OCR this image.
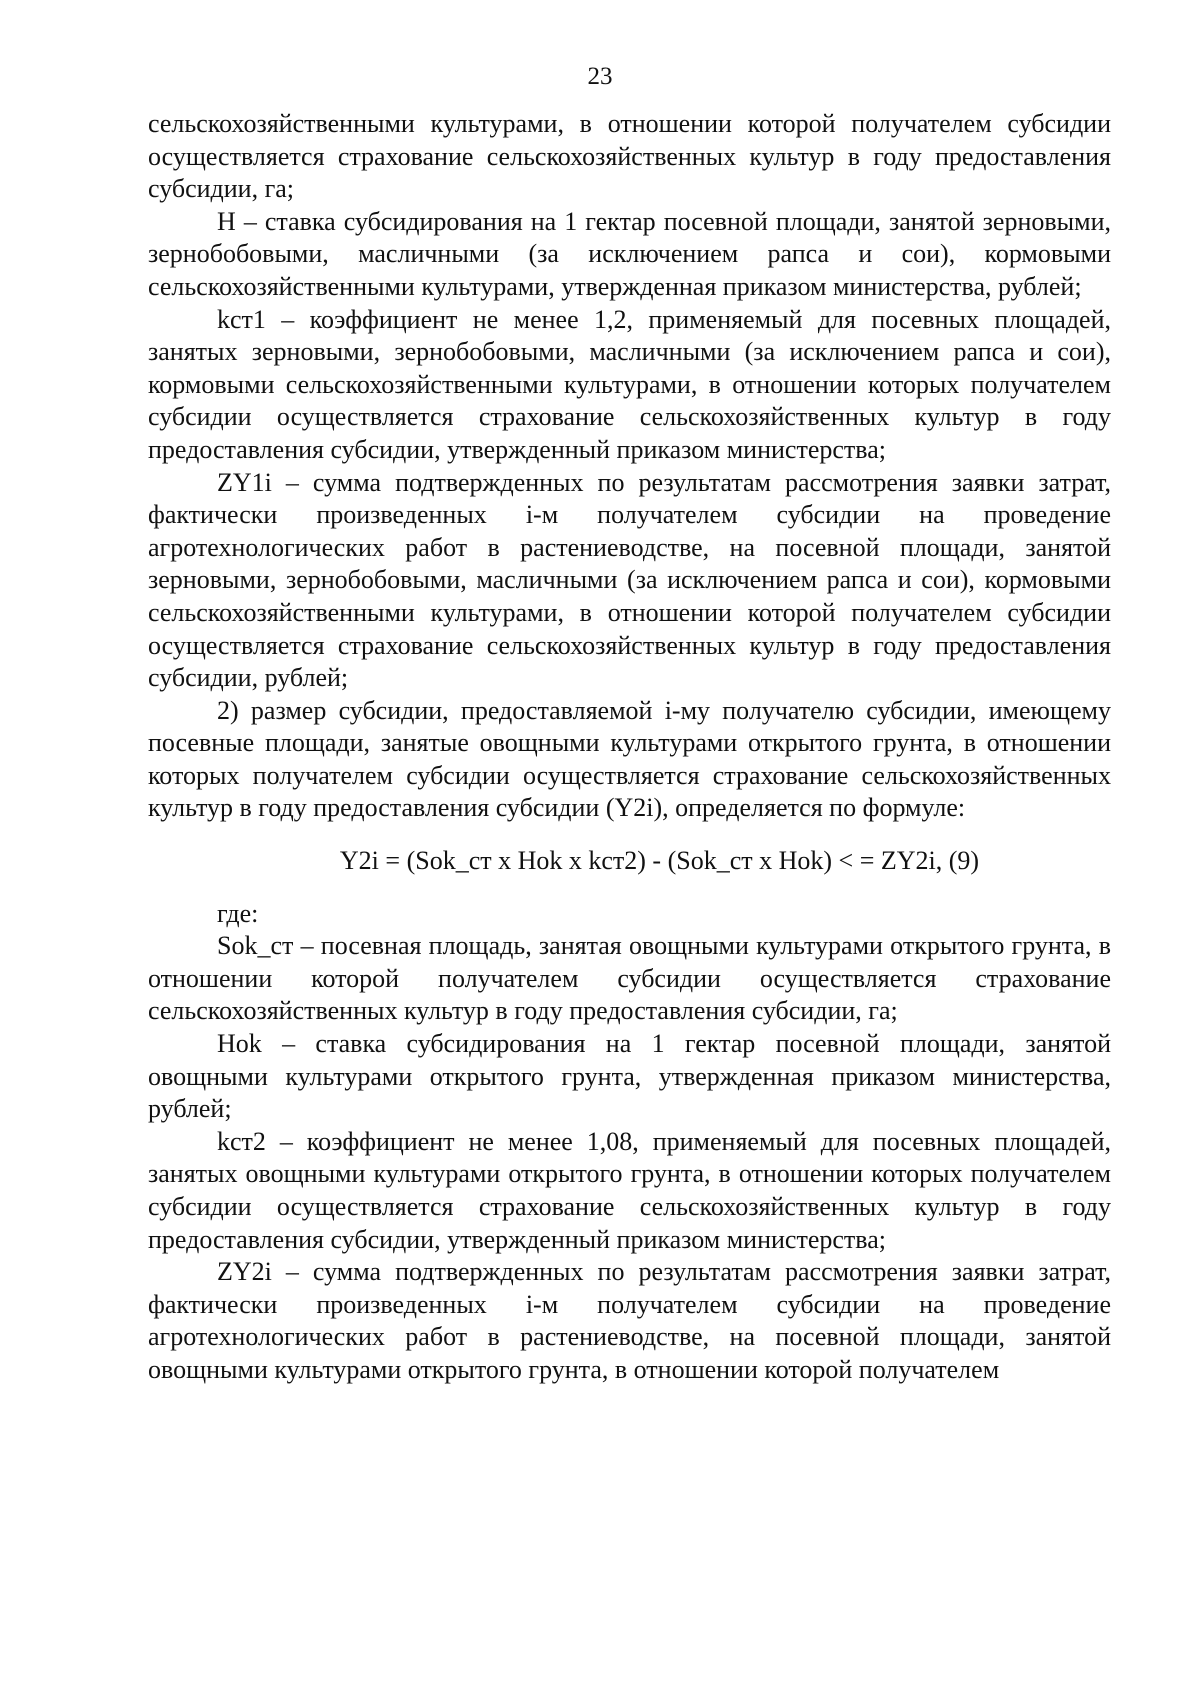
23

сельскохозяйственными культурами, в отношении которой получателем субсидии осуществляется страхование сельскохозяйственных культур в году предоставления субсидии, га;

Н – ставка субсидирования на 1 гектар посевной площади, занятой зерновыми, зернобобовыми, масличными (за исключением рапса и сои), кормовыми сельскохозяйственными культурами, утвержденная приказом министерства, рублей;

kст1 – коэффициент не менее 1,2, применяемый для посевных площадей, занятых зерновыми, зернобобовыми, масличными (за исключением рапса и сои), кормовыми сельскохозяйственными культурами, в отношении которых получателем субсидии осуществляется страхование сельскохозяйственных культур в году предоставления субсидии, утвержденный приказом министерства;

ZY1i – сумма подтвержденных по результатам рассмотрения заявки затрат, фактически произведенных i-м получателем субсидии на проведение агротехнологических работ в растениеводстве, на посевной площади, занятой зерновыми, зернобобовыми, масличными (за исключением рапса и сои), кормовыми сельскохозяйственными культурами, в отношении которой получателем субсидии осуществляется страхование сельскохозяйственных культур в году предоставления субсидии, рублей;

2) размер субсидии, предоставляемой i-му получателю субсидии, имеющему посевные площади, занятые овощными культурами открытого грунта, в отношении которых получателем субсидии осуществляется страхование сельскохозяйственных культур в году предоставления субсидии (Y2i), определяется по формуле:

Y2i = (Sok_ст x Hok x kст2) - (Sok_ст x Hok) < = ZY2i, (9)

где:

Sok_ст – посевная площадь, занятая овощными культурами открытого грунта, в отношении которой получателем субсидии осуществляется страхование сельскохозяйственных культур в году предоставления субсидии, га;

Hok – ставка субсидирования на 1 гектар посевной площади, занятой овощными культурами открытого грунта, утвержденная приказом министерства, рублей;

kст2 – коэффициент не менее 1,08, применяемый для посевных площадей, занятых овощными культурами открытого грунта, в отношении которых получателем субсидии осуществляется страхование сельскохозяйственных культур в году предоставления субсидии, утвержденный приказом министерства;

ZY2i – сумма подтвержденных по результатам рассмотрения заявки затрат, фактически произведенных i-м получателем субсидии на проведение агротехнологических работ в растениеводстве, на посевной площади, занятой овощными культурами открытого грунта, в отношении которой получателем
